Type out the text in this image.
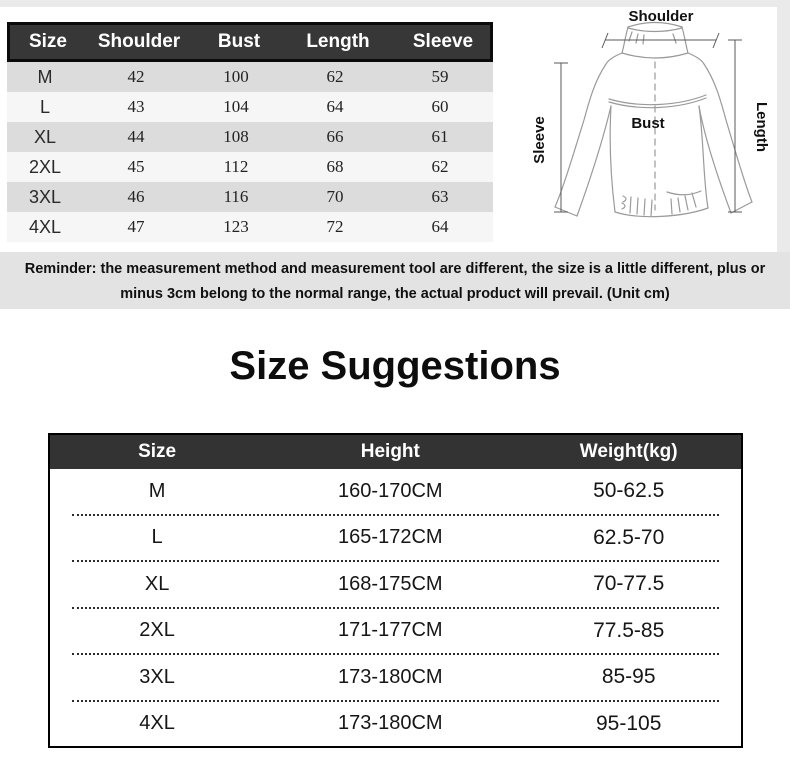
Size	Shoulder	Bust	Length	Sleeve
M	42	100	62	59
L	43	104	64	60
XL	44	108	66	61
2XL	45	112	68	62
3XL	46	116	70	63
4XL	47	123	72	64
Shoulder
Sleeve	Length
Bust

Reminder: the measurement method and measurement tool are different, the size is a little different, plus or

minus 3cm belong to the normal range, the actual product will prevail. (Unit cm)

Size Suggestions
Size	Height	Weight(kg)
M	160-170CM	50-62.5
L	165-172CM	62.5-70
XL	168-175CM	70-77.5
2XL	171-177CM	77.5-85
3XL	173-180CM	85-95
4XL	173-180CM	95-105
